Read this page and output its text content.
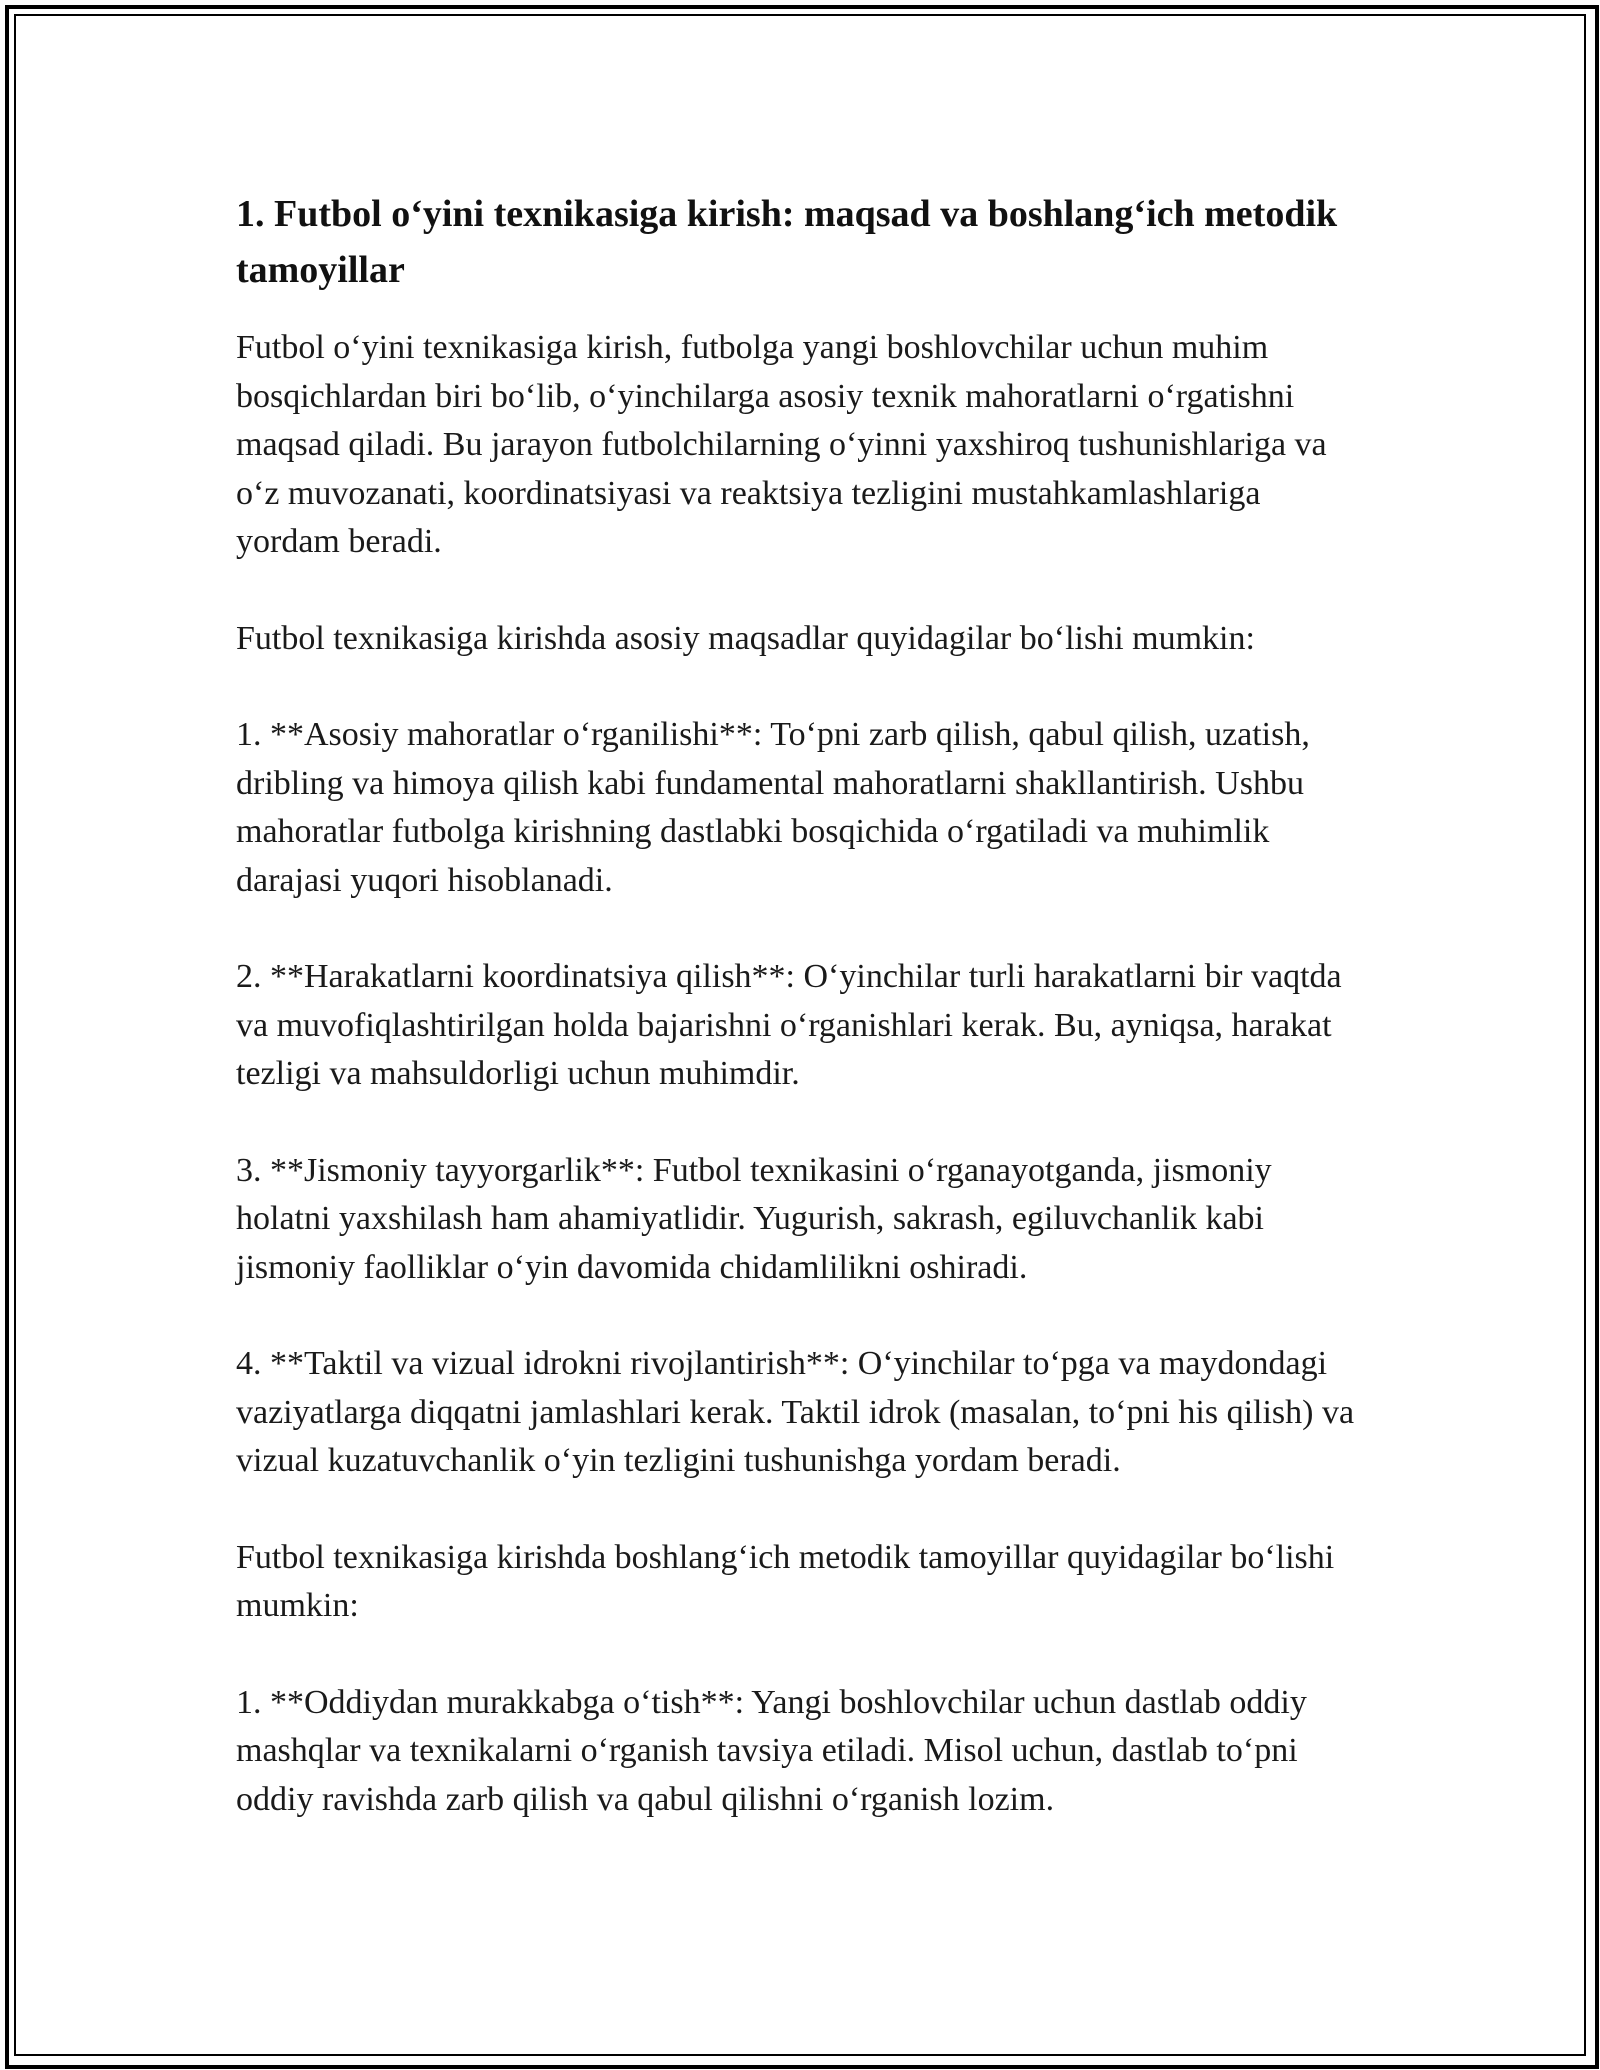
1. Futbol o‘yini texnikasiga kirish: maqsad va boshlang‘ich metodik tamoyillar

Futbol o‘yini texnikasiga kirish, futbolga yangi boshlovchilar uchun muhim bosqichlardan biri bo‘lib, o‘yinchilarga asosiy texnik mahoratlarni o‘rgatishni maqsad qiladi. Bu jarayon futbolchilarning o‘yinni yaxshiroq tushunishlariga va o‘z muvozanati, koordinatsiyasi va reaktsiya tezligini mustahkamlashlariga yordam beradi.

Futbol texnikasiga kirishda asosiy maqsadlar quyidagilar bo‘lishi mumkin:

1. **Asosiy mahoratlar o‘rganilishi**: To‘pni zarb qilish, qabul qilish, uzatish, dribling va himoya qilish kabi fundamental mahoratlarni shakllantirish. Ushbu mahoratlar futbolga kirishning dastlabki bosqichida o‘rgatiladi va muhimlik darajasi yuqori hisoblanadi.

2. **Harakatlarni koordinatsiya qilish**: O‘yinchilar turli harakatlarni bir vaqtda va muvofiqlashtirilgan holda bajarishni o‘rganishlari kerak. Bu, ayniqsa, harakat tezligi va mahsuldorligi uchun muhimdir.

3. **Jismoniy tayyorgarlik**: Futbol texnikasini o‘rganayotganda, jismoniy holatni yaxshilash ham ahamiyatlidir. Yugurish, sakrash, egiluvchanlik kabi jismoniy faolliklar o‘yin davomida chidamlilikni oshiradi.

4. **Taktil va vizual idrokni rivojlantirish**: O‘yinchilar to‘pga va maydondagi vaziyatlarga diqqatni jamlashlari kerak. Taktil idrok (masalan, to‘pni his qilish) va vizual kuzatuvchanlik o‘yin tezligini tushunishga yordam beradi.

Futbol texnikasiga kirishda boshlang‘ich metodik tamoyillar quyidagilar bo‘lishi mumkin:

1. **Oddiydan murakkabga o‘tish**: Yangi boshlovchilar uchun dastlab oddiy mashqlar va texnikalarni o‘rganish tavsiya etiladi. Misol uchun, dastlab to‘pni oddiy ravishda zarb qilish va qabul qilishni o‘rganish lozim.
